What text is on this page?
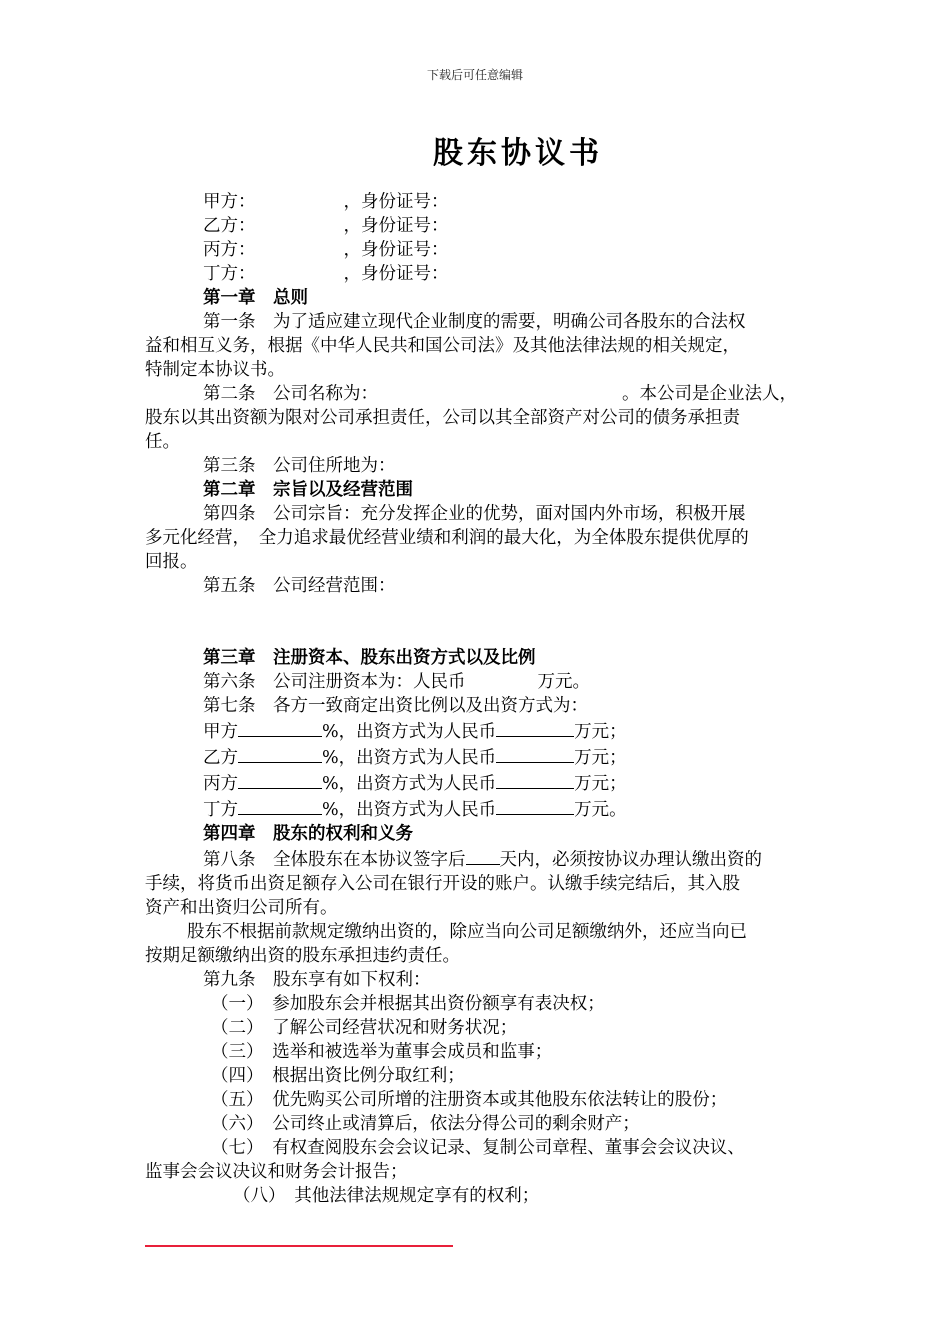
下载后可任意编辑
股东协议书
甲方：	，身份证号：
乙方：	，身份证号：
丙方：	，身份证号：
丁方：	，身份证号：
第一章　总则
第一条　为了适应建立现代企业制度的需要，明确公司各股东的合法权
益和相互义务，根据《中华人民共和国公司法》及其他法律法规的相关规定，
特制定本协议书。
第二条　公司名称为：	。本公司是企业法人，
股东以其出资额为限对公司承担责任，公司以其全部资产对公司的债务承担责
任。
第三条　公司住所地为：
第二章　宗旨以及经营范围
第四条　公司宗旨：充分发挥企业的优势，面对国内外市场，积极开展
多元化经营，　全力追求最优经营业绩和利润的最大化，为全体股东提供优厚的
回报。
第五条　公司经营范围：
第三章　注册资本、股东出资方式以及比例
第六条　公司注册资本为：人民币	万元。
第七条　各方一致商定出资比例以及出资方式为：
甲方	%，出资方式为人民币	万元；
乙方	%，出资方式为人民币	万元；
丙方	%，出资方式为人民币	万元；
丁方	%，出资方式为人民币	万元。
第四章　股东的权利和义务
第八条　全体股东在本协议签字后 天内，必须按协议办理认缴出资的
手续，将货币出资足额存入公司在银行开设的账户。认缴手续完结后，其入股
资产和出资归公司所有。
股东不根据前款规定缴纳出资的，除应当向公司足额缴纳外，还应当向已
按期足额缴纳出资的股东承担违约责任。
第九条　股东享有如下权利：
（一）　参加股东会并根据其出资份额享有表决权；
（二）　了解公司经营状况和财务状况；
（三）　选举和被选举为董事会成员和监事；
（四）　根据出资比例分取红利；
（五）　优先购买公司所增的注册资本或其他股东依法转让的股份；
（六）　公司终止或清算后，依法分得公司的剩余财产；
（七）　有权查阅股东会会议记录、复制公司章程、董事会会议决议、
监事会会议决议和财务会计报告；
（八）　其他法律法规规定享有的权利；
